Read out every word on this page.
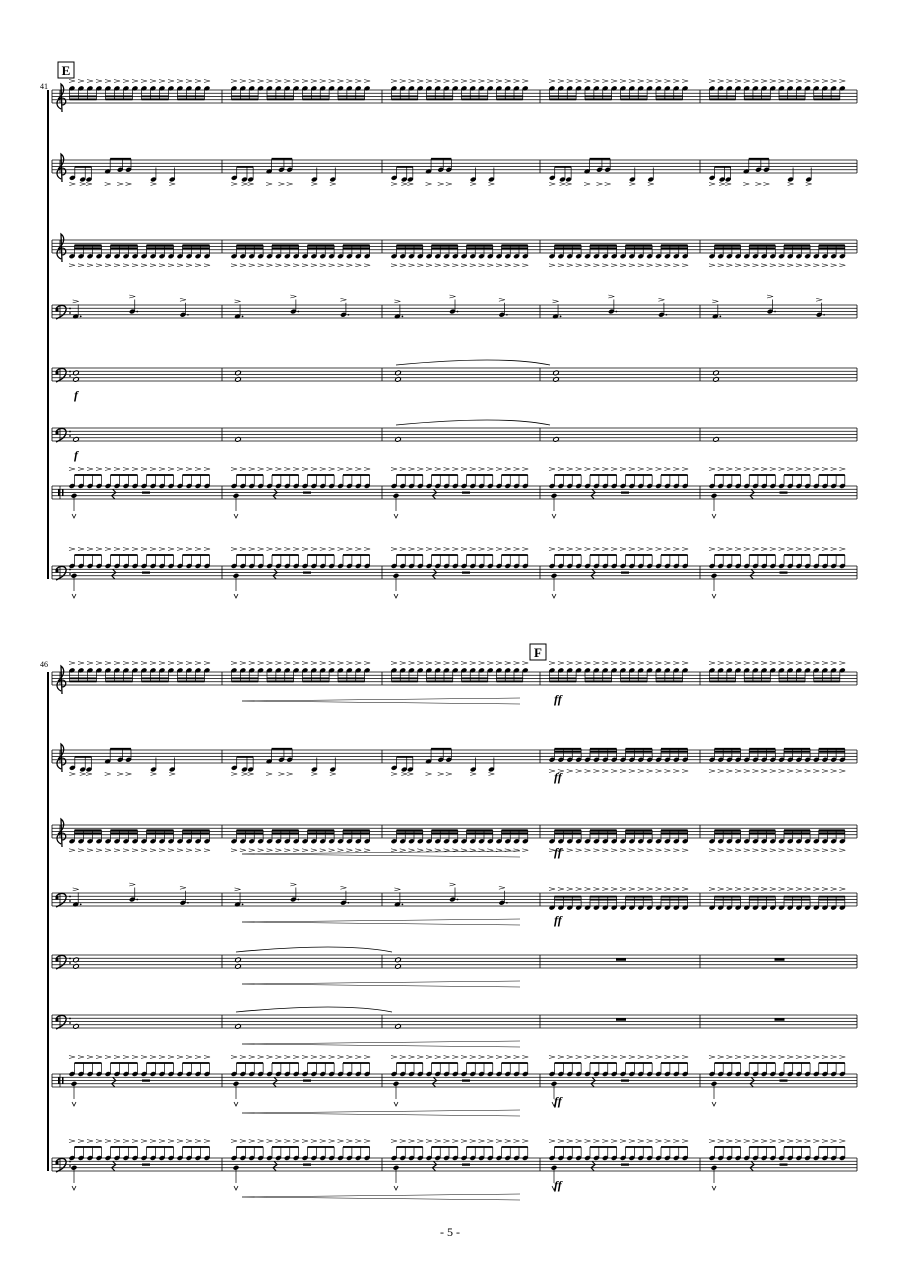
E
41
f
f
F
46
ff
ff
ff
ff
ff
ff
- 5 -
